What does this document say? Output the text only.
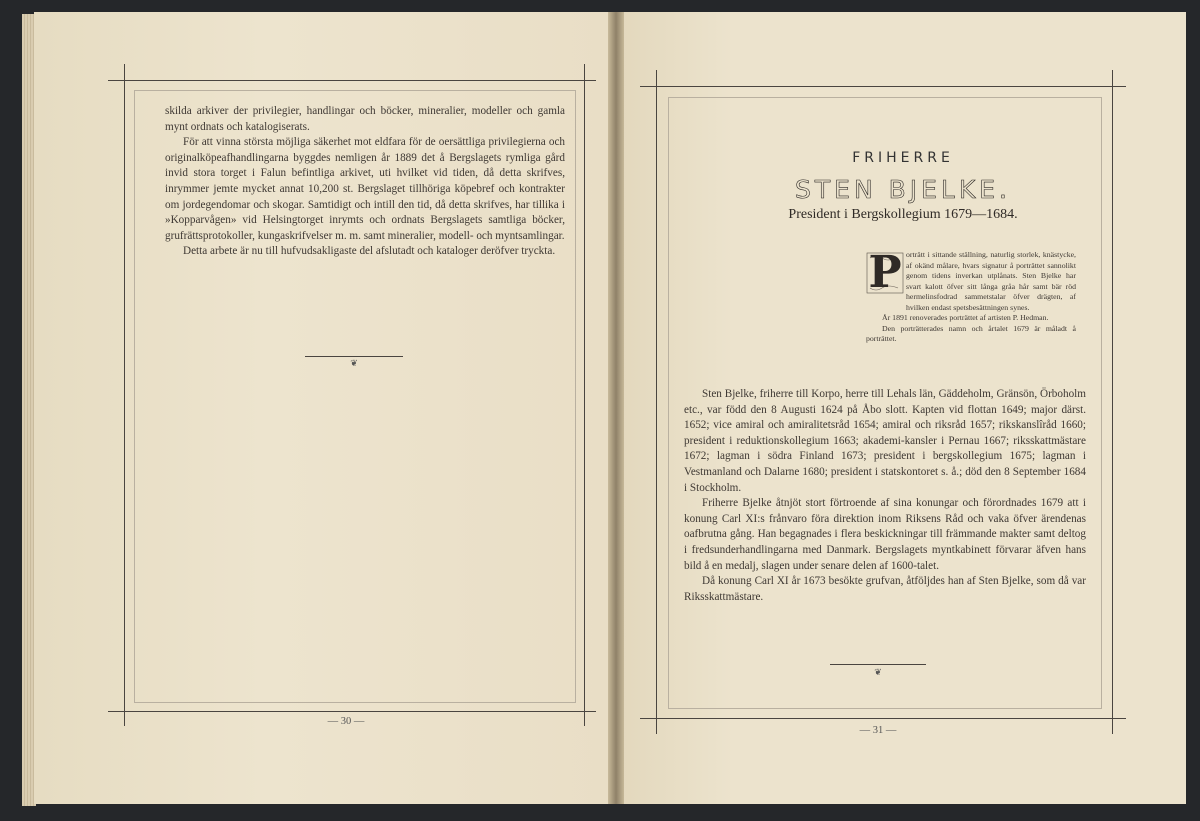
skilda arkiver der privilegier, handlingar och böcker, mineralier, modeller och gamla mynt ordnats och katalogiserats.

För att vinna största möjliga säkerhet mot eldfara för de oersättliga privilegierna och originalköpeafhandlingarna byggdes nemligen år 1889 det å Bergslagets rymliga gård invid stora torget i Falun befintliga arkivet, uti hvilket vid tiden, då detta skrifves, inrymmer jemte mycket annat 10,200 st. Bergslaget tillhöriga köpebref och kontrakter om jordegendomar och skogar. Samtidigt och intill den tid, då detta skrifves, har tillika i »Kopparvågen» vid Helsingtorget inrymts och ordnats Bergslagets samtliga böcker, grufrättsprotokoller, kungaskrifvelser m. m. samt mineralier, modell- och myntsamlingar.

Detta arbete är nu till hufvudsakligaste del afslutadt och kataloger deröfver tryckta.

❦
— 30 —
FRIHERRE
STEN BJELKE.
President i Bergskollegium 1679—1684.
P orträtt i sittande ställning, naturlig storlek, knästycke, af okänd målare, hvars signatur å porträttet sannolikt genom tidens inverkan utplånats. Sten Bjelke har svart kalott öfver sitt långa gråa hår samt bär röd hermelinsfodrad sammetstalar öfver drägten, af hvilken endast spetsbesättningen synes.

År 1891 renoverades porträttet af artisten P. Hedman.

Den porträtterades namn och årtalet 1679 är måladt å porträttet.

Sten Bjelke, friherre till Korpo, herre till Lehals län, Gäddeholm, Gränsön, Örboholm etc., var född den 8 Augusti 1624 på Åbo slott. Kapten vid flottan 1649; major därst. 1652; vice amiral och amiralitetsråd 1654; amiral och riksråd 1657; rikskanslîråd 1660; president i reduktionskollegium 1663; akademi-kansler i Pernau 1667; riksskattmästare 1672; lagman i södra Finland 1673; president i bergskollegium 1675; lagman i Vestmanland och Dalarne 1680; president i statskontoret s. å.; död den 8 September 1684 i Stockholm.

Friherre Bjelke åtnjöt stort förtroende af sina konungar och förordnades 1679 att i konung Carl XI:s frånvaro föra direktion inom Riksens Råd och vaka öfver ärendenas oafbrutna gång. Han begagnades i flera beskickningar till främmande makter samt deltog i fredsunderhandlingarna med Danmark. Bergslagets myntkabinett förvarar äfven hans bild å en medalj, slagen under senare delen af 1600-talet.

Då konung Carl XI år 1673 besökte grufvan, åtföljdes han af Sten Bjelke, som då var Riksskattmästare.

❦
— 31 —
